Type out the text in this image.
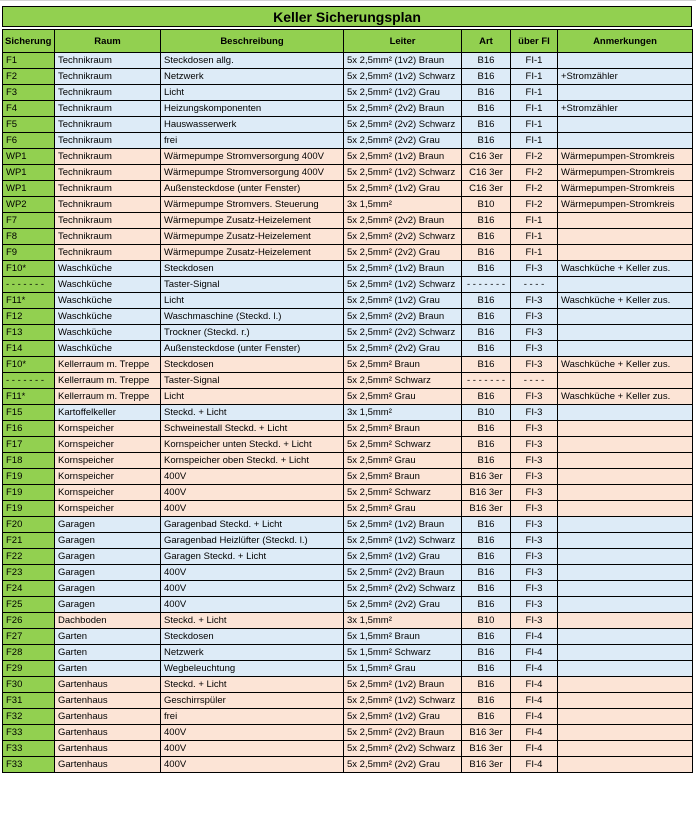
Keller Sicherungsplan
Sicherung	Raum	Beschreibung	Leiter	Art	über FI	Anmerkungen
F1	Technikraum	Steckdosen allg.	5x 2,5mm² (1v2) Braun	B16	FI-1	
F2	Technikraum	Netzwerk	5x 2,5mm² (1v2) Schwarz	B16	FI-1	+Stromzähler
F3	Technikraum	Licht	5x 2,5mm² (1v2) Grau	B16	FI-1	
F4	Technikraum	Heizungskomponenten	5x 2,5mm² (2v2) Braun	B16	FI-1	+Stromzähler
F5	Technikraum	Hauswasserwerk	5x 2,5mm² (2v2) Schwarz	B16	FI-1	
F6	Technikraum	frei	5x 2,5mm² (2v2) Grau	B16	FI-1	
WP1	Technikraum	Wärmepumpe Stromversorgung 400V	5x 2,5mm² (1v2) Braun	C16 3er	FI-2	Wärmepumpen-Stromkreis
WP1	Technikraum	Wärmepumpe Stromversorgung 400V	5x 2,5mm² (1v2) Schwarz	C16 3er	FI-2	Wärmepumpen-Stromkreis
WP1	Technikraum	Außensteckdose (unter Fenster)	5x 2,5mm² (1v2) Grau	C16 3er	FI-2	Wärmepumpen-Stromkreis
WP2	Technikraum	Wärmepumpe Stromvers. Steuerung	3x 1,5mm²	B10	FI-2	Wärmepumpen-Stromkreis
F7	Technikraum	Wärmepumpe Zusatz-Heizelement	5x 2,5mm² (2v2) Braun	B16	FI-1	
F8	Technikraum	Wärmepumpe Zusatz-Heizelement	5x 2,5mm² (2v2) Schwarz	B16	FI-1	
F9	Technikraum	Wärmepumpe Zusatz-Heizelement	5x 2,5mm² (2v2) Grau	B16	FI-1	
F10*	Waschküche	Steckdosen	5x 2,5mm² (1v2) Braun	B16	FI-3	Waschküche + Keller zus.
- - - - - - -	Waschküche	Taster-Signal	5x 2,5mm² (1v2) Schwarz	- - - - - - -	- - - -	
F11*	Waschküche	Licht	5x 2,5mm² (1v2) Grau	B16	FI-3	Waschküche + Keller zus.
F12	Waschküche	Waschmaschine (Steckd. l.)	5x 2,5mm² (2v2) Braun	B16	FI-3	
F13	Waschküche	Trockner (Steckd. r.)	5x 2,5mm² (2v2) Schwarz	B16	FI-3	
F14	Waschküche	Außensteckdose (unter Fenster)	5x 2,5mm² (2v2) Grau	B16	FI-3	
F10*	Kellerraum m. Treppe	Steckdosen	5x 2,5mm² Braun	B16	FI-3	Waschküche + Keller zus.
- - - - - - -	Kellerraum m. Treppe	Taster-Signal	5x 2,5mm² Schwarz	- - - - - - -	- - - -	
F11*	Kellerraum m. Treppe	Licht	5x 2,5mm² Grau	B16	FI-3	Waschküche + Keller zus.
F15	Kartoffelkeller	Steckd. + Licht	3x 1,5mm²	B10	FI-3	
F16	Kornspeicher	Schweinestall Steckd. + Licht	5x 2,5mm² Braun	B16	FI-3	
F17	Kornspeicher	Kornspeicher unten Steckd. + Licht	5x 2,5mm² Schwarz	B16	FI-3	
F18	Kornspeicher	Kornspeicher oben Steckd. + Licht	5x 2,5mm² Grau	B16	FI-3	
F19	Kornspeicher	400V	5x 2,5mm² Braun	B16 3er	FI-3	
F19	Kornspeicher	400V	5x 2,5mm² Schwarz	B16 3er	FI-3	
F19	Kornspeicher	400V	5x 2,5mm² Grau	B16 3er	FI-3	
F20	Garagen	Garagenbad Steckd. + Licht	5x 2,5mm² (1v2) Braun	B16	FI-3	
F21	Garagen	Garagenbad Heizlüfter (Steckd. l.)	5x 2,5mm² (1v2) Schwarz	B16	FI-3	
F22	Garagen	Garagen Steckd. + Licht	5x 2,5mm² (1v2) Grau	B16	FI-3	
F23	Garagen	400V	5x 2,5mm² (2v2) Braun	B16	FI-3	
F24	Garagen	400V	5x 2,5mm² (2v2) Schwarz	B16	FI-3	
F25	Garagen	400V	5x 2,5mm² (2v2) Grau	B16	FI-3	
F26	Dachboden	Steckd. + Licht	3x 1,5mm²	B10	FI-3	
F27	Garten	Steckdosen	5x 1,5mm² Braun	B16	FI-4	
F28	Garten	Netzwerk	5x 1,5mm² Schwarz	B16	FI-4	
F29	Garten	Wegbeleuchtung	5x 1,5mm² Grau	B16	FI-4	
F30	Gartenhaus	Steckd. + Licht	5x 2,5mm² (1v2) Braun	B16	FI-4	
F31	Gartenhaus	Geschirrspüler	5x 2,5mm² (1v2) Schwarz	B16	FI-4	
F32	Gartenhaus	frei	5x 2,5mm² (1v2) Grau	B16	FI-4	
F33	Gartenhaus	400V	5x 2,5mm² (2v2) Braun	B16 3er	FI-4	
F33	Gartenhaus	400V	5x 2,5mm² (2v2) Schwarz	B16 3er	FI-4	
F33	Gartenhaus	400V	5x 2,5mm² (2v2) Grau	B16 3er	FI-4	
